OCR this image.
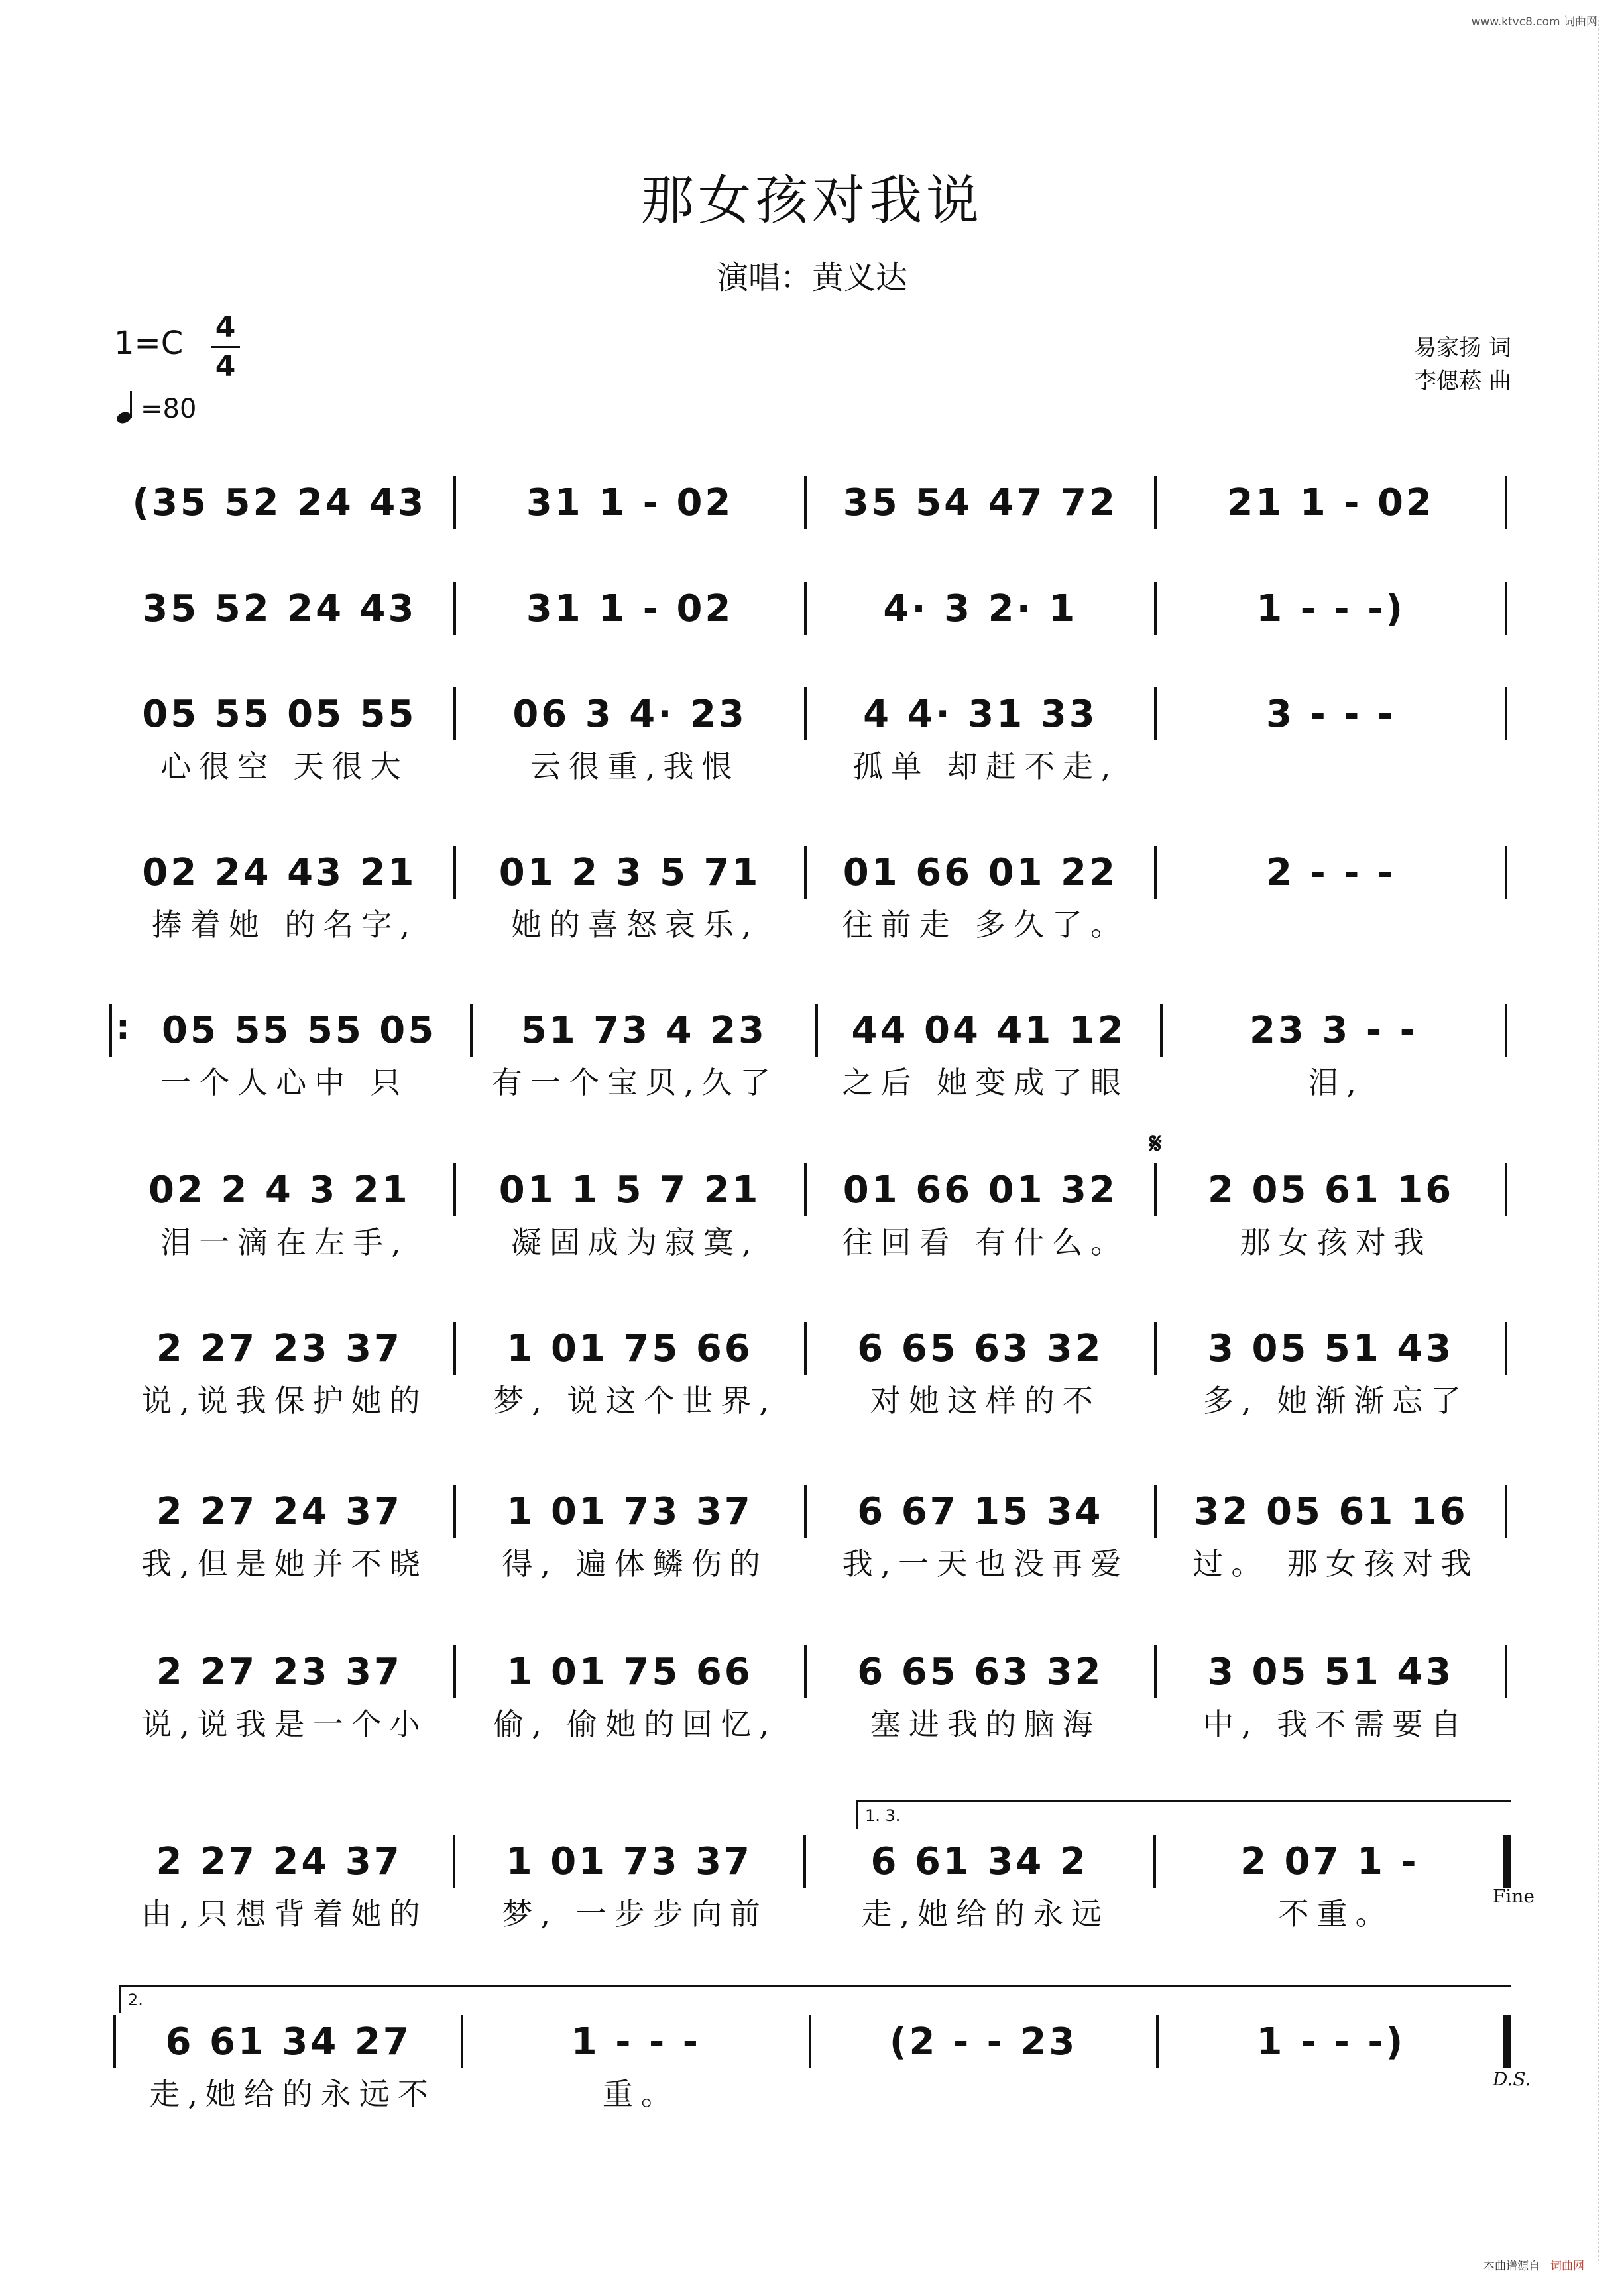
www.ktvc8.com 词曲网
本曲谱源自 词曲网
那女孩对我说
演唱：黄义达
1=C 4
4
=80
易家扬 词
李偲菘 曲
𝄋
1. 3.
2.
Fine
D.S.
(35 52 24 43	31 1 - 02	35 54 47 72	21 1 - 02
35 52 24 43	31 1 - 02	4· 3 2· 1	1 - - -)
05 55 05 55	06 3 4· 23	4 4· 31 33	3 - - -
心很空 天很大	云很重,我恨	孤单 却赶不走,
02 24 43 21	01 2 3 5 71	01 66 01 22	2 - - -
捧着她 的名字,	她的喜怒哀乐,	往前走 多久了。
:
05 55 55 05	51 73 4 23	44 04 41 12	23 3 - -
一个人心中 只	有一个宝贝,久了	之后 她变成了眼	泪,
02 2 4 3 21	01 1 5 7 21	01 66 01 32	2 05 61 16
泪一滴在左手,	凝固成为寂寞,	往回看 有什么。	那女孩对我
2 27 23 37	1 01 75 66	6 65 63 32	3 05 51 43
说,说我保护她的	梦, 说这个世界,	对她这样的不	多, 她渐渐忘了
2 27 24 37	1 01 73 37	6 67 15 34	32 05 61 16
我,但是她并不晓	得, 遍体鳞伤的	我,一天也没再爱	过。 那女孩对我
2 27 23 37	1 01 75 66	6 65 63 32	3 05 51 43
说,说我是一个小	偷, 偷她的回忆,	塞进我的脑海	中, 我不需要自
2 27 24 37	1 01 73 37	6 61 34 2	2 07 1 -
由,只想背着她的	梦, 一步步向前	走,她给的永远	不重。
6 61 34 27	1 - - -	(2 - - 23	1 - - -)
走,她给的永远不	重。
